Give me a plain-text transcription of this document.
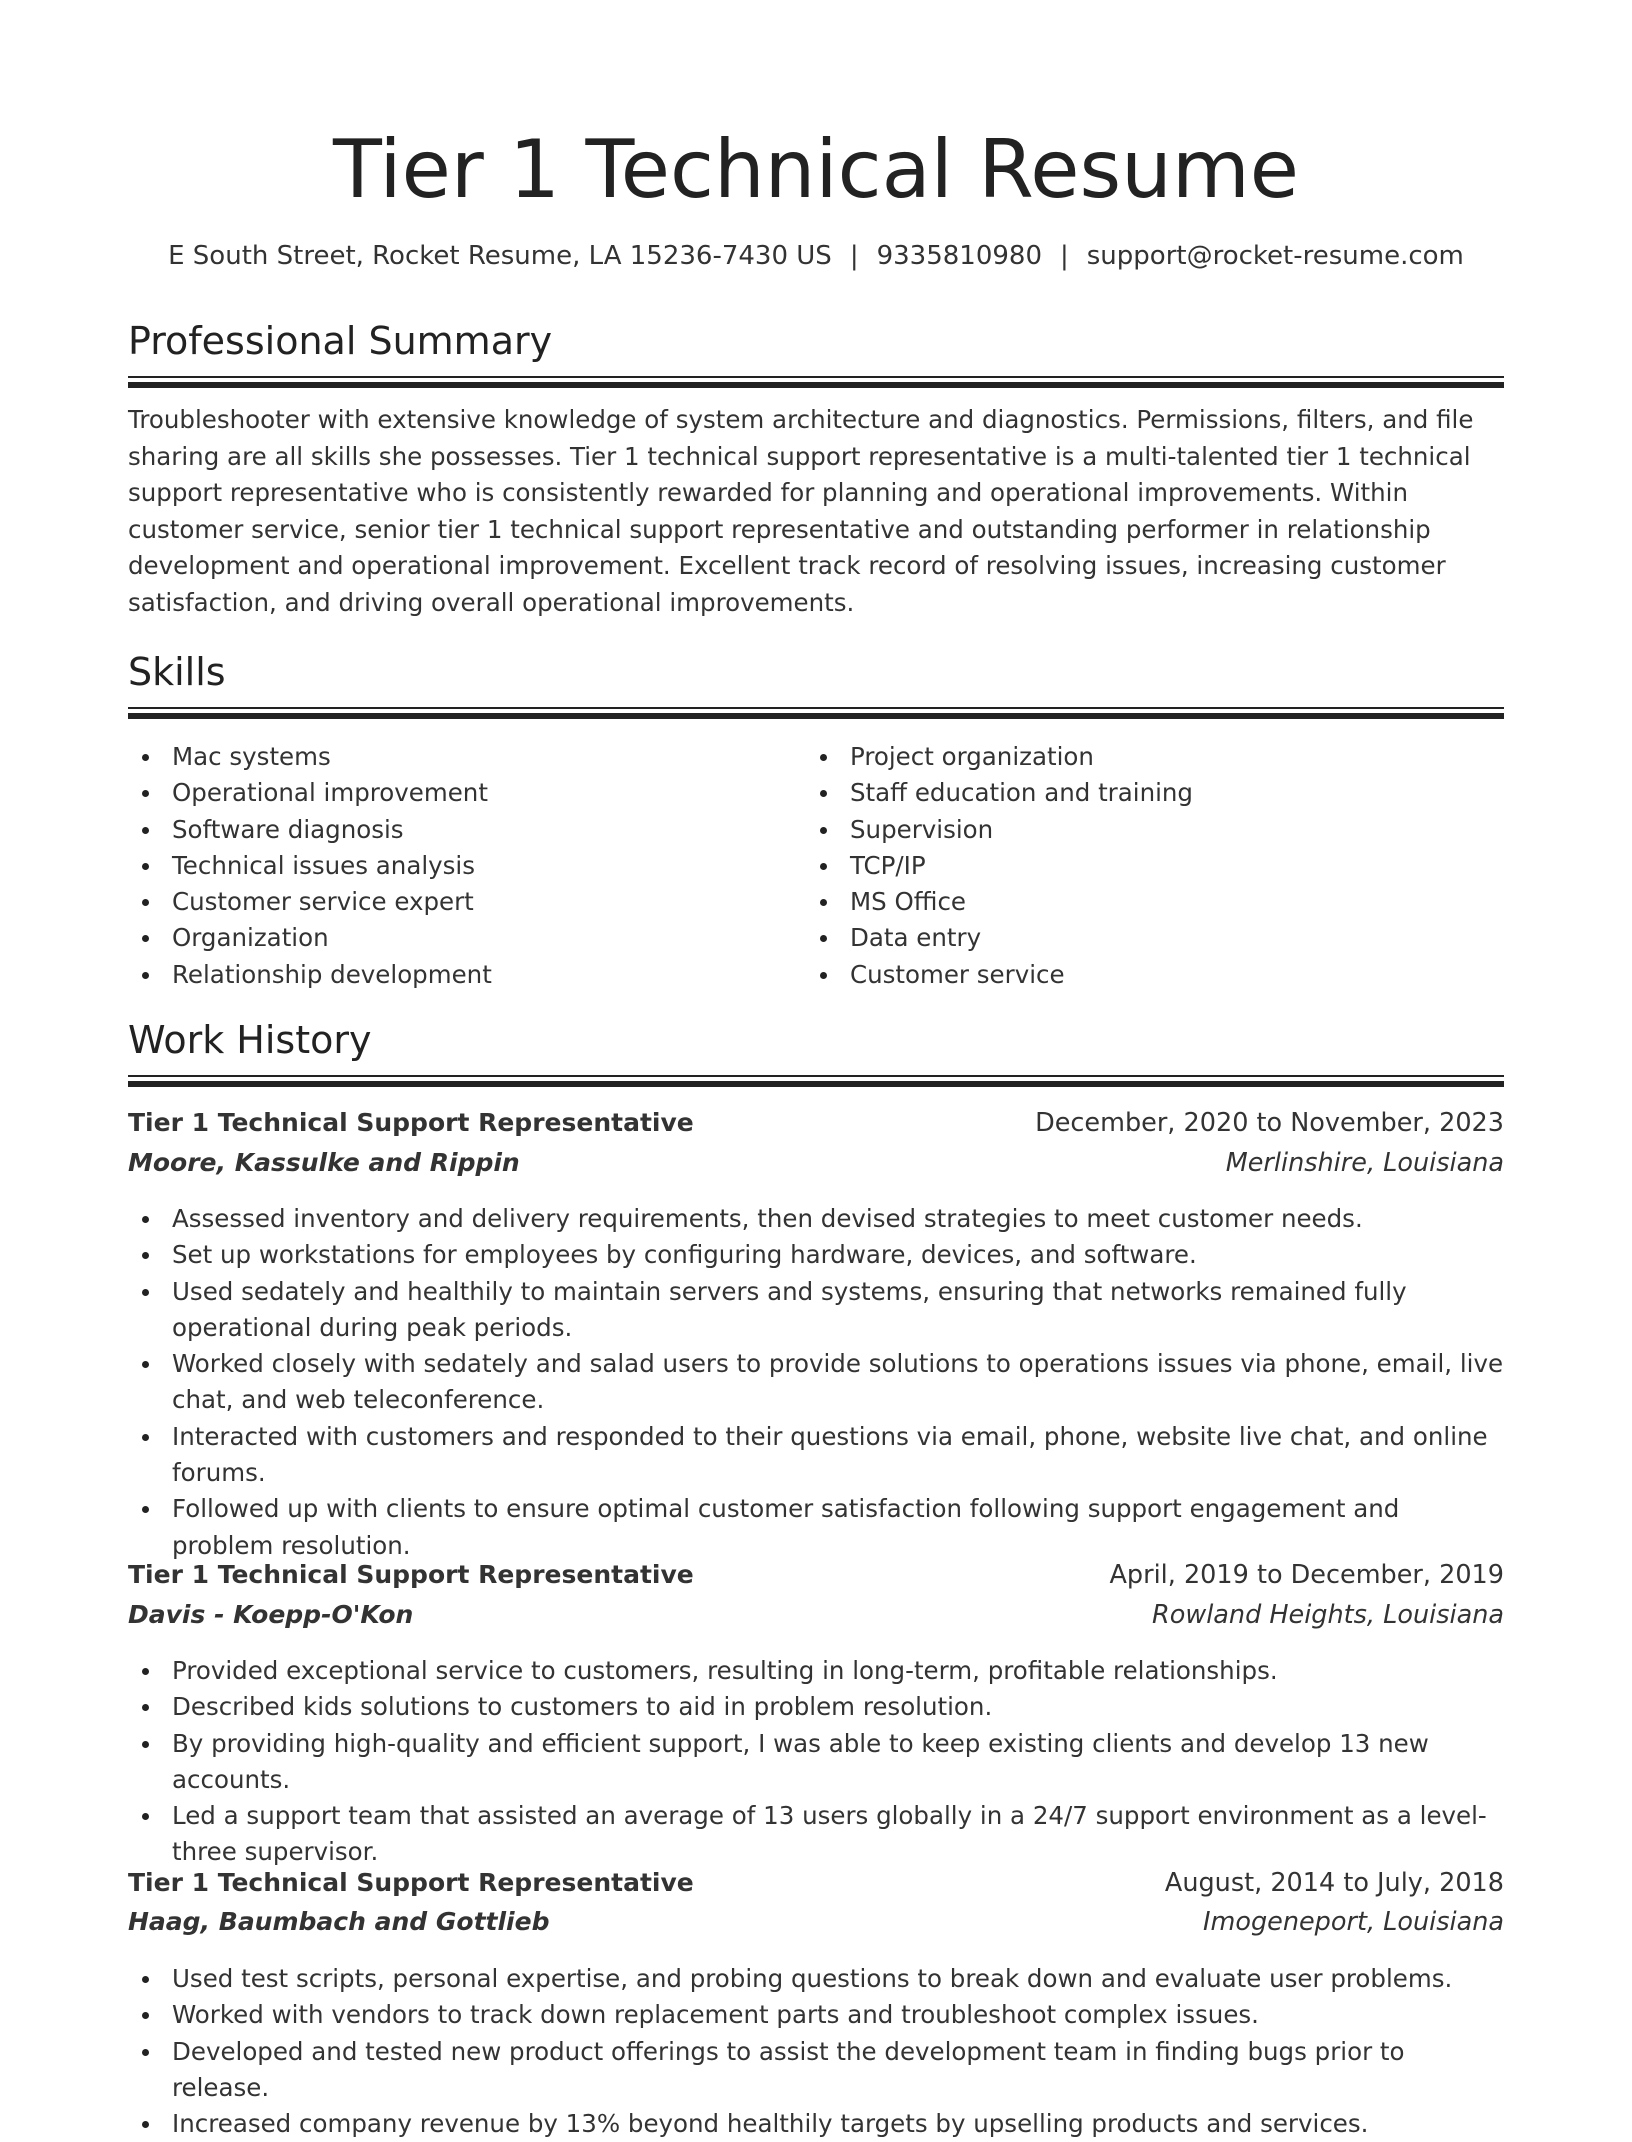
Tier 1 Technical Resume
E South Street, Rocket Resume, LA 15236-7430 US | 9335810980 | support@rocket-resume.com
Professional Summary

Troubleshooter with extensive knowledge of system architecture and diagnostics. Permissions, filters, and file sharing are all skills she possesses. Tier 1 technical support representative is a multi-talented tier 1 technical support representative who is consistently rewarded for planning and operational improvements. Within customer service, senior tier 1 technical support representative and outstanding performer in relationship development and operational improvement. Excellent track record of resolving issues, increasing customer satisfaction, and driving overall operational improvements.

Skills
Mac systems
Operational improvement
Software diagnosis
Technical issues analysis
Customer service expert
Organization
Relationship development
Project organization
Staff education and training
Supervision
TCP/IP
MS Office
Data entry
Customer service
Work History
Tier 1 Technical Support Representative	December, 2020 to November, 2023
Moore, Kassulke and Rippin	Merlinshire, Louisiana
Assessed inventory and delivery requirements, then devised strategies to meet customer needs.
Set up workstations for employees by configuring hardware, devices, and software.
Used sedately and healthily to maintain servers and systems, ensuring that networks remained fully operational during peak periods.
Worked closely with sedately and salad users to provide solutions to operations issues via phone, email, live chat, and web teleconference.
Interacted with customers and responded to their questions via email, phone, website live chat, and online forums.
Followed up with clients to ensure optimal customer satisfaction following support engagement and problem resolution.
Tier 1 Technical Support Representative	April, 2019 to December, 2019
Davis - Koepp-O'Kon	Rowland Heights, Louisiana
Provided exceptional service to customers, resulting in long-term, profitable relationships.
Described kids solutions to customers to aid in problem resolution.
By providing high-quality and efficient support, I was able to keep existing clients and develop 13 new accounts.
Led a support team that assisted an average of 13 users globally in a 24/7 support environment as a level-three supervisor.
Tier 1 Technical Support Representative	August, 2014 to July, 2018
Haag, Baumbach and Gottlieb	Imogeneport, Louisiana
Used test scripts, personal expertise, and probing questions to break down and evaluate user problems.
Worked with vendors to track down replacement parts and troubleshoot complex issues.
Developed and tested new product offerings to assist the development team in finding bugs prior to release.
Increased company revenue by 13% beyond healthily targets by upselling products and services.
